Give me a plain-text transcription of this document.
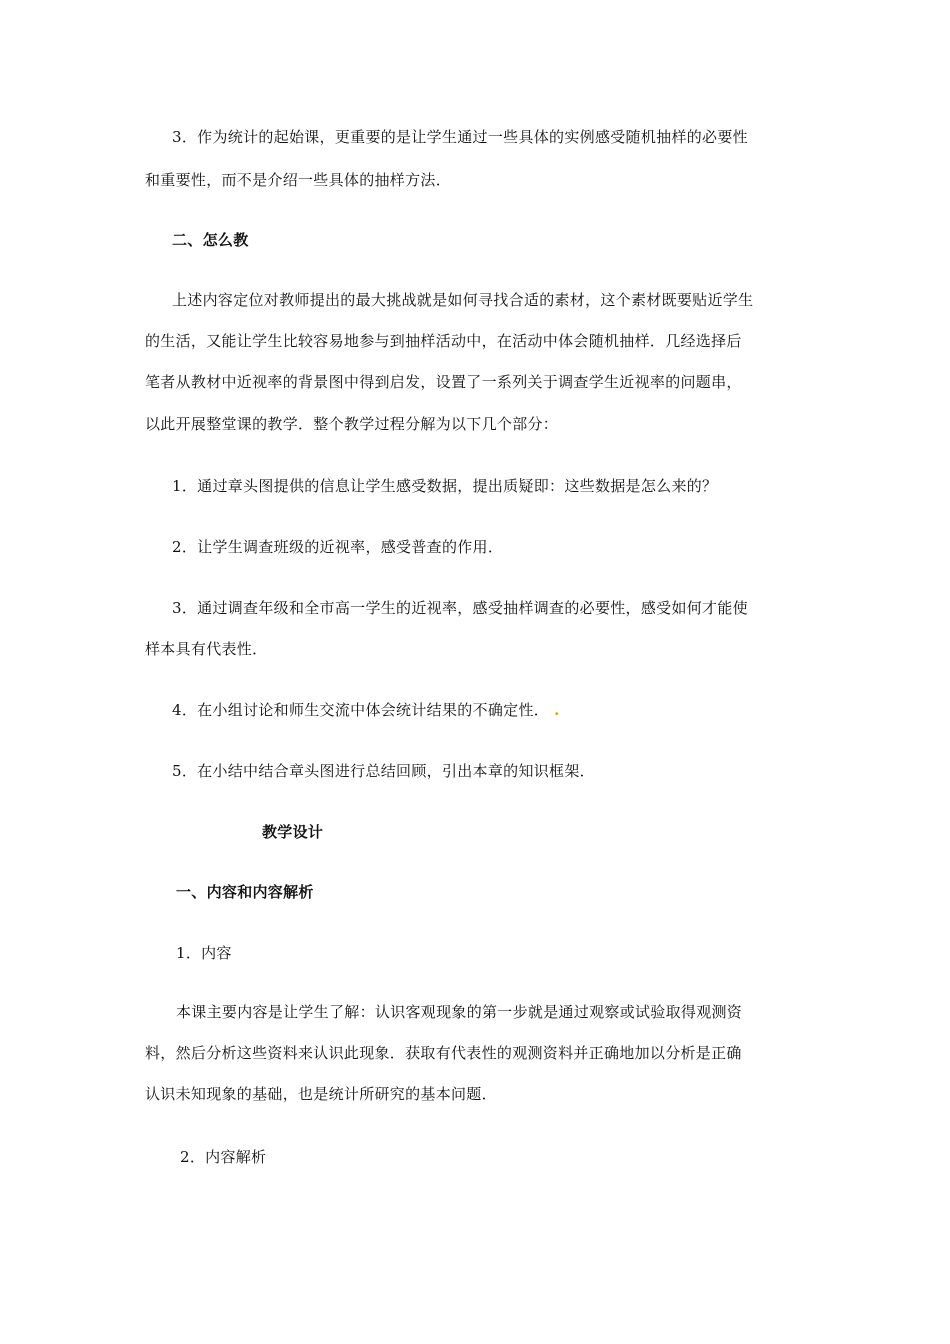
3．作为统计的起始课，更重要的是让学生通过一些具体的实例感受随机抽样的必要性
和重要性，而不是介绍一些具体的抽样方法．
二、怎么教
上述内容定位对教师提出的最大挑战就是如何寻找合适的素材，这个素材既要贴近学生
的生活，又能让学生比较容易地参与到抽样活动中，在活动中体会随机抽样．几经选择后
笔者从教材中近视率的背景图中得到启发，设置了一系列关于调查学生近视率的问题串，
以此开展整堂课的教学．整个教学过程分解为以下几个部分：
1．通过章头图提供的信息让学生感受数据，提出质疑即：这些数据是怎么来的？
2．让学生调查班级的近视率，感受普查的作用．
3．通过调查年级和全市高一学生的近视率，感受抽样调查的必要性，感受如何才能使
样本具有代表性．
4．在小组讨论和师生交流中体会统计结果的不确定性． .
5．在小结中结合章头图进行总结回顾，引出本章的知识框架．
教学设计
一、内容和内容解析
1．内容
本课主要内容是让学生了解：认识客观现象的第一步就是通过观察或试验取得观测资
料，然后分析这些资料来认识此现象．获取有代表性的观测资料并正确地加以分析是正确
认识未知现象的基础，也是统计所研究的基本问题．
2．内容解析
